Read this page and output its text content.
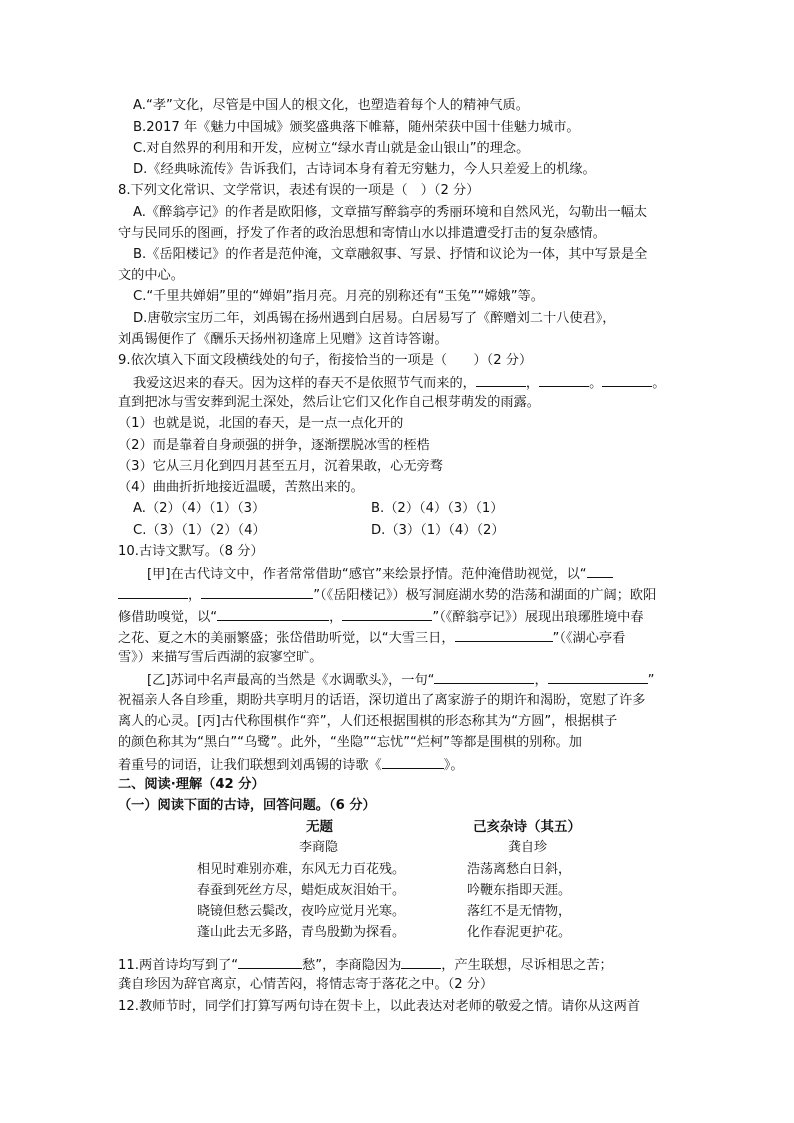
A.“孝”文化，尽管是中国人的根文化，也塑造着每个人的精神气质。
B.2017 年《魅力中国城》颁奖盛典落下帷幕，随州荣获中国十佳魅力城市。
C.对自然界的利用和开发，应树立“绿水青山就是金山银山”的理念。
D.《经典咏流传》告诉我们，古诗词本身有着无穷魅力，今人只差爱上的机缘。
8.下列文化常识、文学常识，表述有误的一项是（　）（2 分）
A.《醉翁亭记》的作者是欧阳修，文章描写醉翁亭的秀丽环境和自然风光，勾勒出一幅太
守与民同乐的图画，抒发了作者的政治思想和寄情山水以排遣遭受打击的复杂感情。
B.《岳阳楼记》的作者是范仲淹，文章融叙事、写景、抒情和议论为一体，其中写景是全
文的中心。
C.“千里共婵娟”里的“婵娟”指月亮。月亮的别称还有“玉兔”“嫦娥”等。
D.唐敬宗宝历二年，刘禹锡在扬州遇到白居易。白居易写了《醉赠刘二十八使君》，
刘禹锡便作了《酬乐天扬州初逢席上见赠》这首诗答谢。
9.依次填入下面文段横线处的句子，衔接恰当的一项是（　　）（2 分）
我爱这迟来的春天。因为这样的春天不是依照节气而来的，	，	。	。
直到把冰与雪安葬到泥土深处，然后让它们又化作自己根芽萌发的雨露。
（1）也就是说，北国的春天，是一点一点化开的
（2）而是靠着自身顽强的拼争，逐渐摆脱冰雪的桎梏
（3）它从三月化到四月甚至五月，沉着果敢，心无旁骛
（4）曲曲折折地接近温暖，苦熬出来的。
A.（2）（4）（1）（3）	B.（2）（4）（3）（1）
C.（3）（1）（2）（4）	D.（3）（1）（4）（2）
10.古诗文默写。（8 分）
[甲]在古代诗文中，作者常常借助“感官”来绘景抒情。范仲淹借助视觉，以“
，	”（《岳阳楼记》）极写洞庭湖水势的浩荡和湖面的广阔；欧阳
修借助嗅觉，以“	，	”（《醉翁亭记》）展现出琅琊胜境中春
之花、夏之木的美丽繁盛；张岱借助听觉，以“大雪三日，	”（《湖心亭看
雪》）来描写雪后西湖的寂寥空旷。
[乙]苏词中名声最高的当然是《水调歌头》，一句“	，	”
祝福亲人各自珍重，期盼共享明月的话语，深切道出了离家游子的期许和渴盼，宽慰了许多
离人的心灵。[丙]古代称围棋作“弈”，人们还根据围棋的形态称其为“方圆”，根据棋子
的颜色称其为“黑白”“乌鹭”。此外，“坐隐”“忘忧”“烂柯”等都是围棋的别称。加
着重号的词语，让我们联想到刘禹锡的诗歌《	》。
二、阅读·理解（42 分）
（一）阅读下面的古诗，回答问题。（6 分）
无题
李商隐
相见时难别亦难，东风无力百花残。
春蚕到死丝方尽，蜡炬成灰泪始干。
晓镜但愁云鬓改，夜吟应觉月光寒。
蓬山此去无多路，青鸟殷勤为探看。
己亥杂诗（其五）
龚自珍
浩荡离愁白日斜，
吟鞭东指即天涯。
落红不是无情物，
化作春泥更护花。
11.两首诗均写到了“	愁”，李商隐因为	，产生联想，尽诉相思之苦；
龚自珍因为辞官离京，心情苦闷，将情志寄于落花之中。（2 分）
12.教师节时，同学们打算写两句诗在贺卡上，以此表达对老师的敬爱之情。请你从这两首
